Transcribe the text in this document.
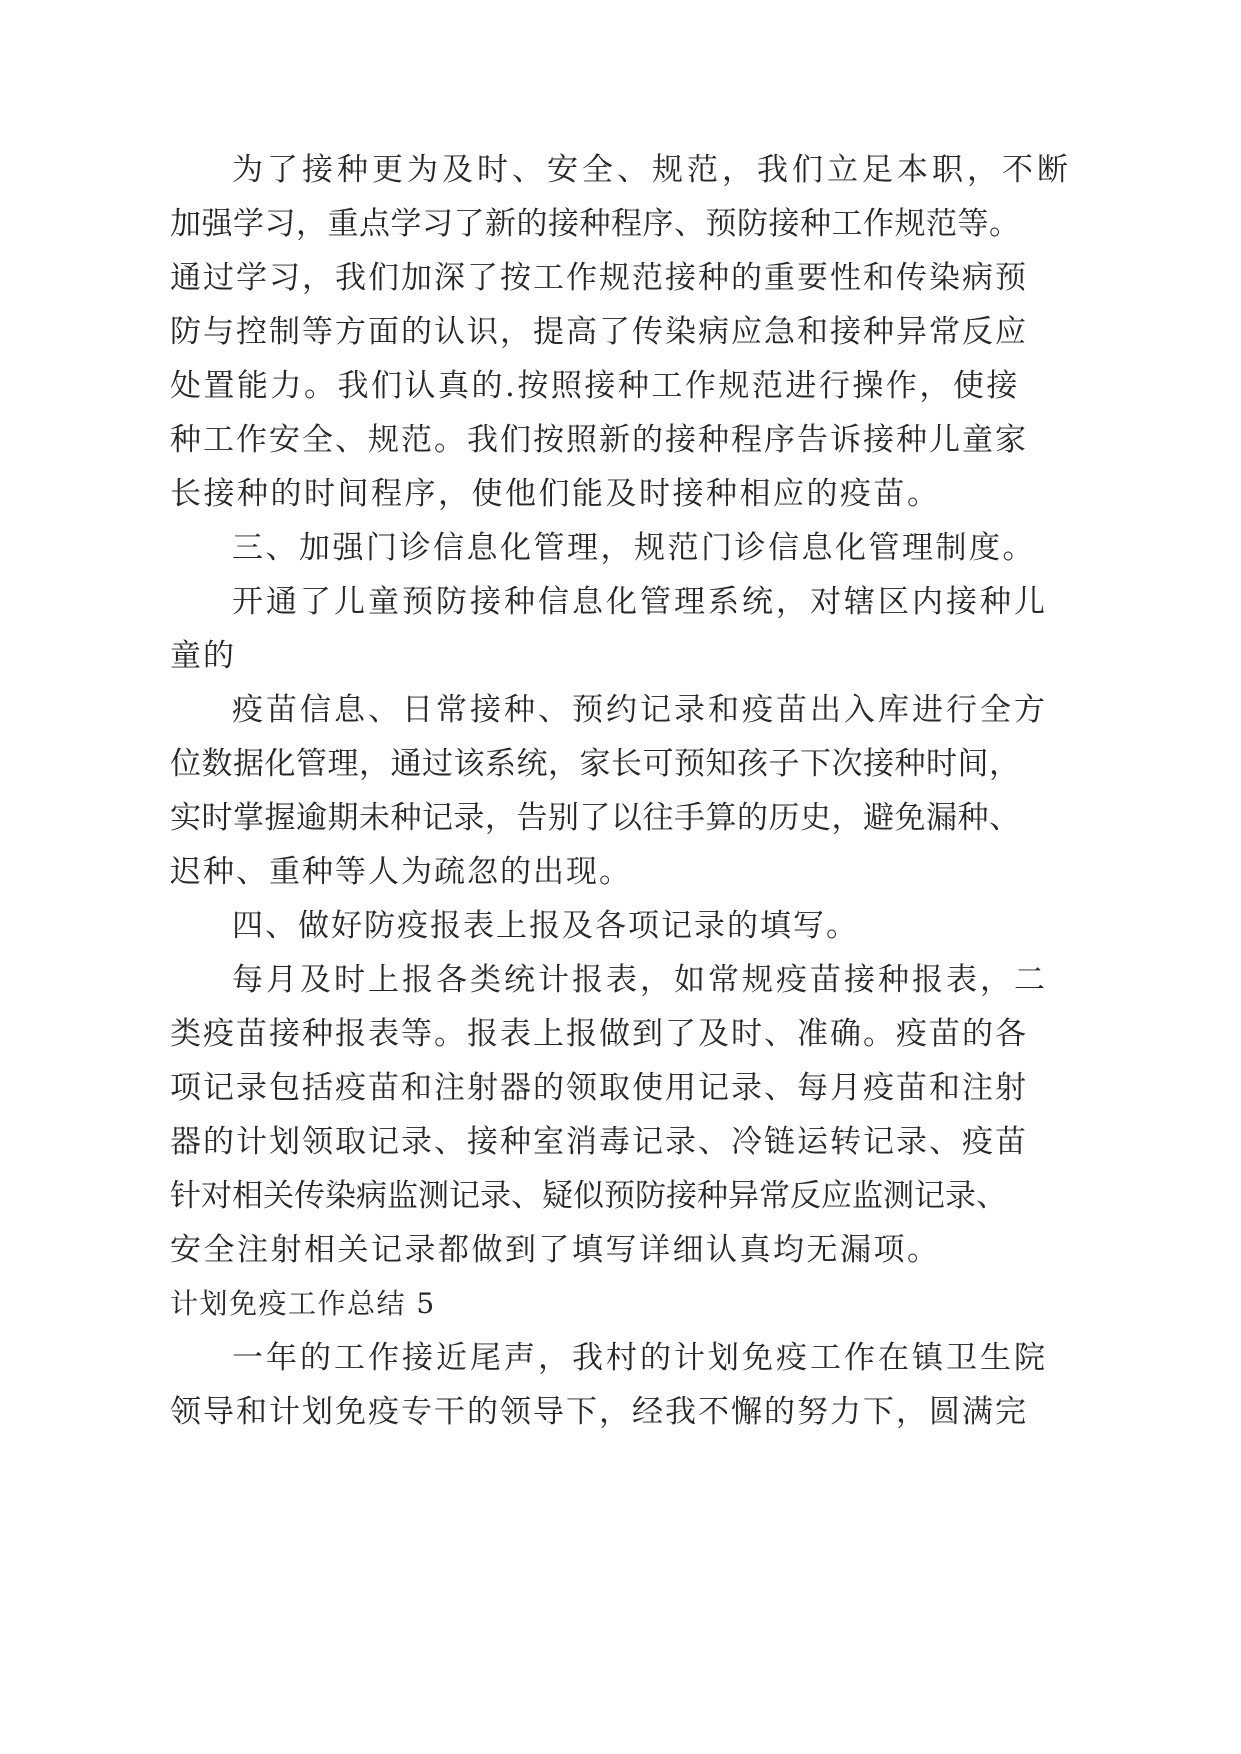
为了接种更为及时、安全、规范，我们立足本职，不断
加强学习，重点学习了新的接种程序、预防接种工作规范等。
通过学习，我们加深了按工作规范接种的重要性和传染病预
防与控制等方面的认识，提高了传染病应急和接种异常反应
处置能力。我们认真的.按照接种工作规范进行操作，使接
种工作安全、规范。我们按照新的接种程序告诉接种儿童家
长接种的时间程序，使他们能及时接种相应的疫苗。
三、加强门诊信息化管理，规范门诊信息化管理制度。
开通了儿童预防接种信息化管理系统，对辖区内接种儿
童的
疫苗信息、日常接种、预约记录和疫苗出入库进行全方
位数据化管理，通过该系统，家长可预知孩子下次接种时间，
实时掌握逾期未种记录，告别了以往手算的历史，避免漏种、
迟种、重种等人为疏忽的出现。
四、做好防疫报表上报及各项记录的填写。
每月及时上报各类统计报表，如常规疫苗接种报表，二
类疫苗接种报表等。报表上报做到了及时、准确。疫苗的各
项记录包括疫苗和注射器的领取使用记录、每月疫苗和注射
器的计划领取记录、接种室消毒记录、冷链运转记录、疫苗
针对相关传染病监测记录、疑似预防接种异常反应监测记录、
安全注射相关记录都做到了填写详细认真均无漏项。
计划免疫工作总结 5
一年的工作接近尾声，我村的计划免疫工作在镇卫生院
领导和计划免疫专干的领导下，经我不懈的努力下，圆满完
